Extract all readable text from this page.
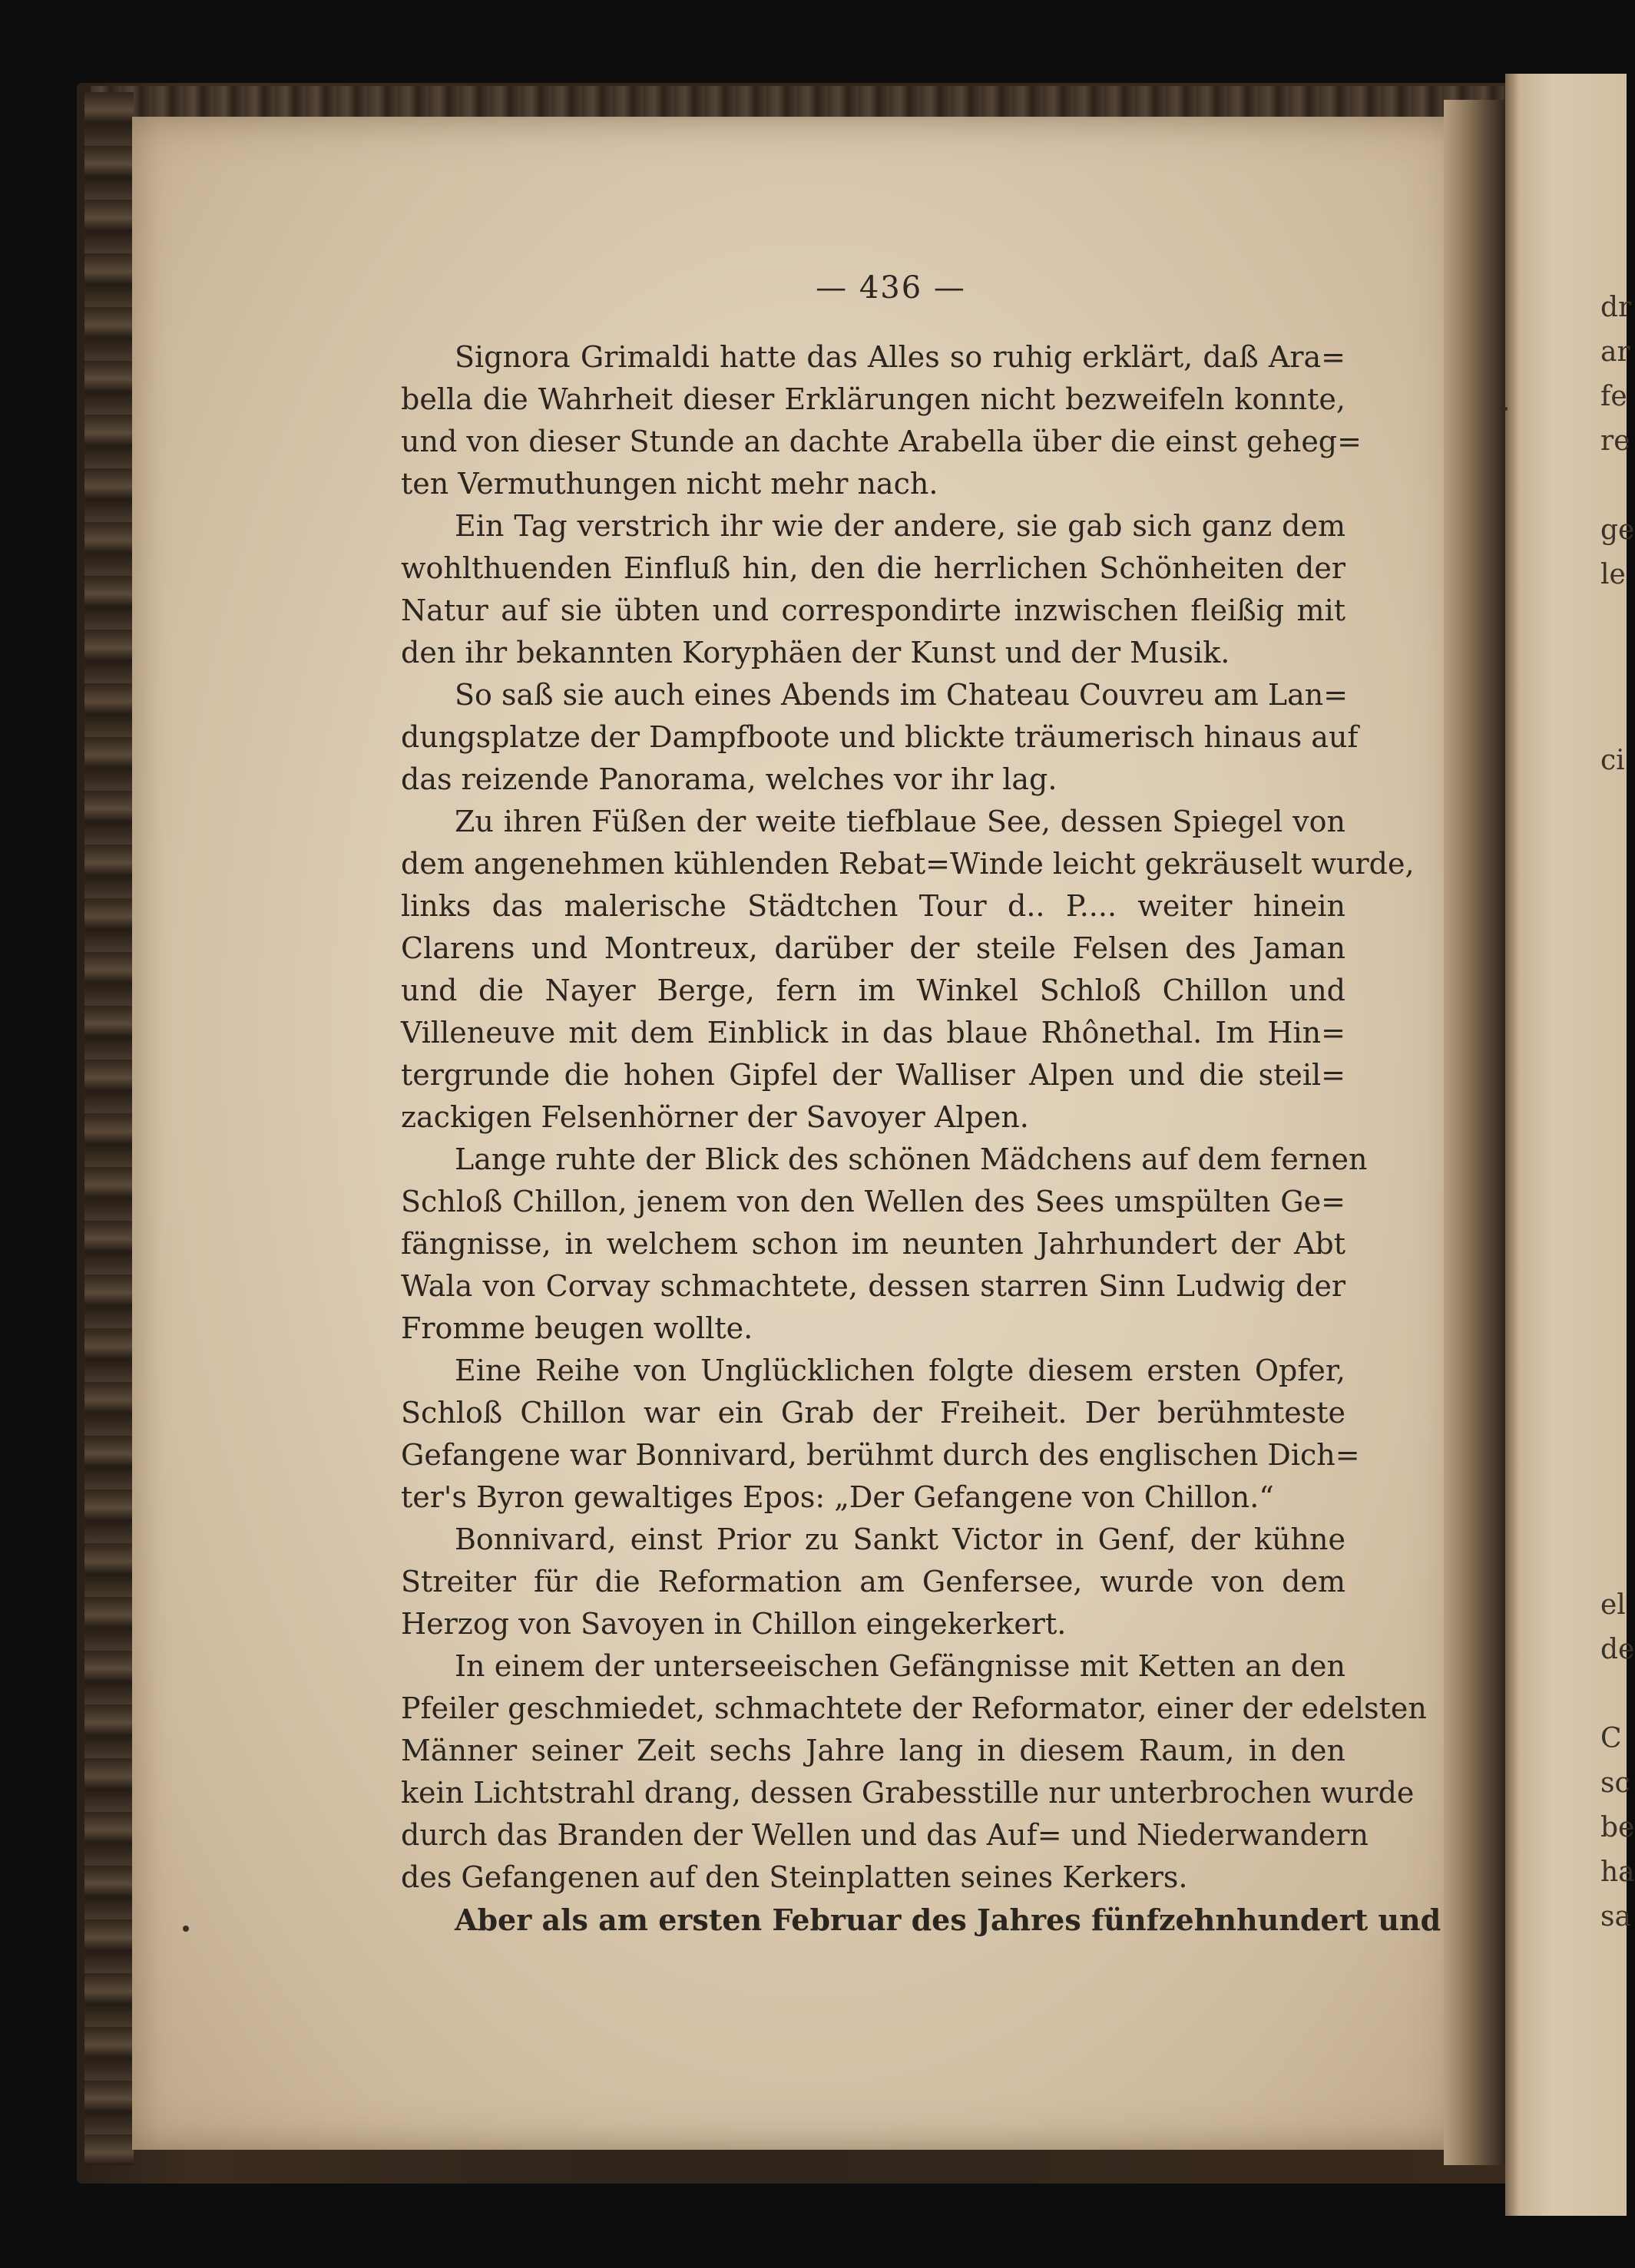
dr
ar
fe
re
ge
le
ci
el
de
C
sc
be
ha
sa
— 436 —
Signora Grimaldi hatte das Alles so ruhig erklärt, daß Ara=
bella die Wahrheit dieser Erklärungen nicht bezweifeln konnte,
und von dieser Stunde an dachte Arabella über die einst geheg=
ten Vermuthungen nicht mehr nach.
Ein Tag verstrich ihr wie der andere, sie gab sich ganz dem
wohlthuenden Einfluß hin, den die herrlichen Schönheiten der
Natur auf sie übten und correspondirte inzwischen fleißig mit
den ihr bekannten Koryphäen der Kunst und der Musik.
So saß sie auch eines Abends im Chateau Couvreu am Lan=
dungsplatze der Dampfboote und blickte träumerisch hinaus auf
das reizende Panorama, welches vor ihr lag.
Zu ihren Füßen der weite tiefblaue See, dessen Spiegel von
dem angenehmen kühlenden Rebat=Winde leicht gekräuselt wurde,
links das malerische Städtchen Tour d.. P.... weiter hinein
Clarens und Montreux, darüber der steile Felsen des Jaman
und die Nayer Berge, fern im Winkel Schloß Chillon und
Villeneuve mit dem Einblick in das blaue Rhônethal. Im Hin=
tergrunde die hohen Gipfel der Walliser Alpen und die steil=
zackigen Felsenhörner der Savoyer Alpen.
Lange ruhte der Blick des schönen Mädchens auf dem fernen
Schloß Chillon, jenem von den Wellen des Sees umspülten Ge=
fängnisse, in welchem schon im neunten Jahrhundert der Abt
Wala von Corvay schmachtete, dessen starren Sinn Ludwig der
Fromme beugen wollte.
Eine Reihe von Unglücklichen folgte diesem ersten Opfer,
Schloß Chillon war ein Grab der Freiheit. Der berühmteste
Gefangene war Bonnivard, berühmt durch des englischen Dich=
ter's Byron gewaltiges Epos: „Der Gefangene von Chillon.“
Bonnivard, einst Prior zu Sankt Victor in Genf, der kühne
Streiter für die Reformation am Genfersee, wurde von dem
Herzog von Savoyen in Chillon eingekerkert.
In einem der unterseeischen Gefängnisse mit Ketten an den
Pfeiler geschmiedet, schmachtete der Reformator, einer der edelsten
Männer seiner Zeit sechs Jahre lang in diesem Raum, in den
kein Lichtstrahl drang, dessen Grabesstille nur unterbrochen wurde
durch das Branden der Wellen und das Auf= und Niederwandern
des Gefangenen auf den Steinplatten seines Kerkers.
Aber als am ersten Februar des Jahres fünfzehnhundert und
